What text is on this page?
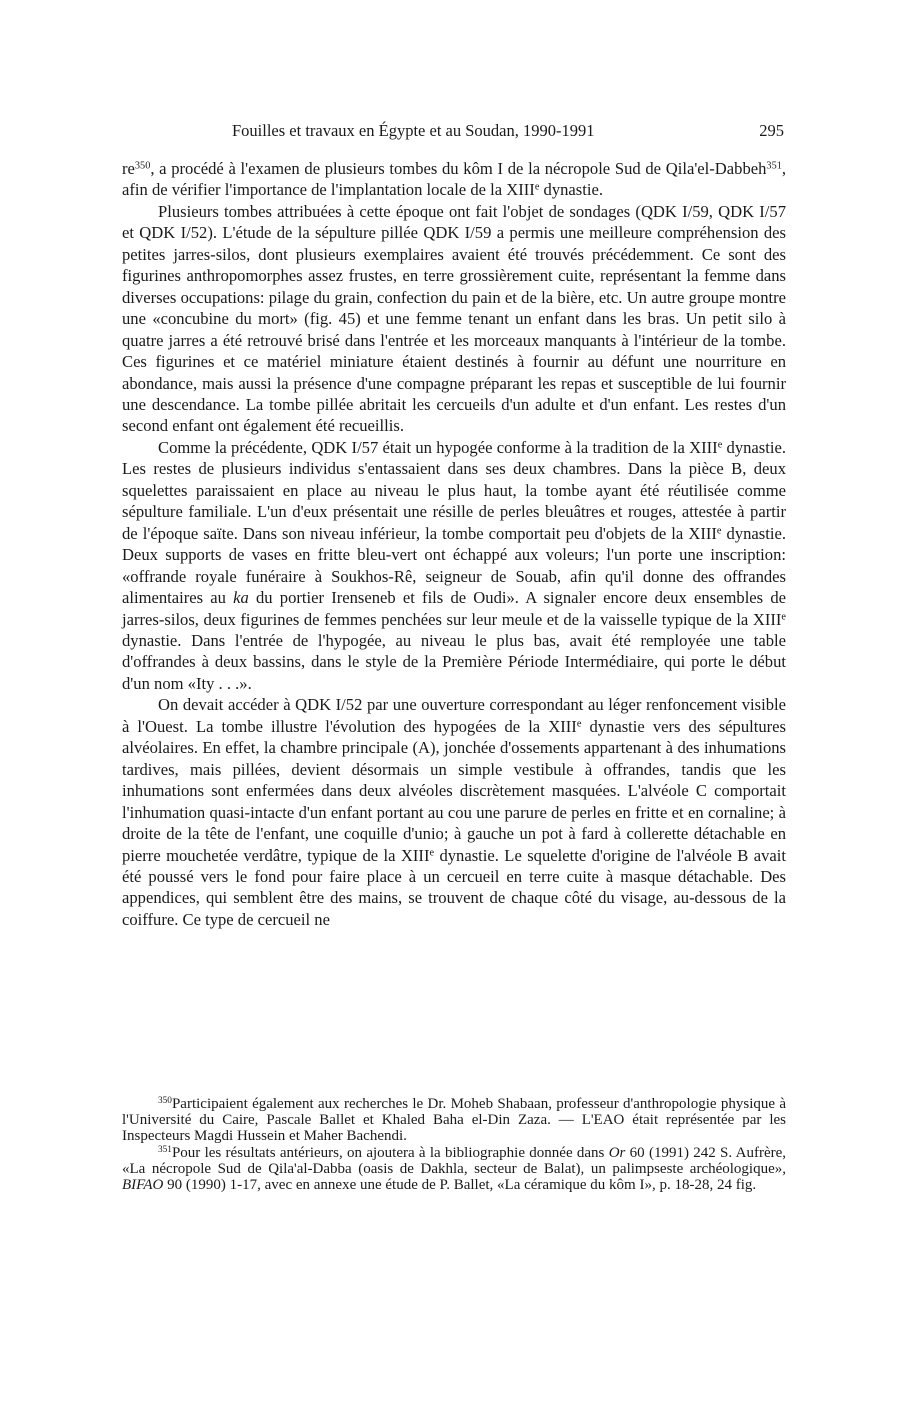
Fouilles et travaux en Égypte et au Soudan, 1990-1991	295

$re^{350}$, a procédé à l'examen de plusieurs tombes du kôm I de la nécropole Sud de Qila'el-Dabbeh$^{351}$, afin de vérifier l'importance de l'implantation locale de la XIIIe dynastie.

Plusieurs tombes attribuées à cette époque ont fait l'objet de sondages (QDK I/59, QDK I/57 et QDK I/52). L'étude de la sépulture pillée QDK I/59 a permis une meilleure compréhension des petites jarres-silos, dont plusieurs exemplaires avaient été trouvés précédemment. Ce sont des figurines anthropomorphes assez frustes, en terre grossièrement cuite, représentant la femme dans diverses occupations: pilage du grain, confection du pain et de la bière, etc. Un autre groupe montre une «concubine du mort» (fig. 45) et une femme tenant un enfant dans les bras. Un petit silo à quatre jarres a été retrouvé brisé dans l'entrée et les morceaux manquants à l'intérieur de la tombe. Ces figurines et ce matériel miniature étaient destinés à fournir au défunt une nourriture en abondance, mais aussi la présence d'une compagne préparant les repas et susceptible de lui fournir une descendance. La tombe pillée abritait les cercueils d'un adulte et d'un enfant. Les restes d'un second enfant ont également été recueillis.

Comme la précédente, QDK I/57 était un hypogée conforme à la tradition de la XIIIe dynastie. Les restes de plusieurs individus s'entassaient dans ses deux chambres. Dans la pièce B, deux squelettes paraissaient en place au niveau le plus haut, la tombe ayant été réutilisée comme sépulture familiale. L'un d'eux présentait une résille de perles bleuâtres et rouges, attestée à partir de l'époque saïte. Dans son niveau inférieur, la tombe comportait peu d'objets de la XIIIe dynastie. Deux supports de vases en fritte bleu-vert ont échappé aux voleurs; l'un porte une inscription: «offrande royale funéraire à Soukhos-Rê, seigneur de Souab, afin qu'il donne des offrandes alimentaires au ka du portier Irenseneb et fils de Oudi». A signaler encore deux ensembles de jarres-silos, deux figurines de femmes penchées sur leur meule et de la vaisselle typique de la XIIIe dynastie. Dans l'entrée de l'hypogée, au niveau le plus bas, avait été remployée une table d'offrandes à deux bassins, dans le style de la Première Période Intermédiaire, qui porte le début d'un nom «Ity . . .».

On devait accéder à QDK I/52 par une ouverture correspondant au léger renfoncement visible à l'Ouest. La tombe illustre l'évolution des hypogées de la XIIIe dynastie vers des sépultures alvéolaires. En effet, la chambre principale (A), jonchée d'ossements appartenant à des inhumations tardives, mais pillées, devient désormais un simple vestibule à offrandes, tandis que les inhumations sont enfermées dans deux alvéoles discrètement masquées. L'alvéole C comportait l'inhumation quasi-intacte d'un enfant portant au cou une parure de perles en fritte et en cornaline; à droite de la tête de l'enfant, une coquille d'unio; à gauche un pot à fard à collerette détachable en pierre mouchetée verdâtre, typique de la XIIIe dynastie. Le squelette d'origine de l'alvéole B avait été poussé vers le fond pour faire place à un cercueil en terre cuite à masque détachable. Des appendices, qui semblent être des mains, se trouvent de chaque côté du visage, au-dessous de la coiffure. Ce type de cercueil ne

$^{350}$Participaient également aux recherches le Dr. Moheb Shabaan, professeur d'anthropologie physique à l'Université du Caire, Pascale Ballet et Khaled Baha el-Din Zaza. — L'EAO était représentée par les Inspecteurs Magdi Hussein et Maher Bachendi.

$^{351}$Pour les résultats antérieurs, on ajoutera à la bibliographie donnée dans Or 60 (1991) 242 S. Aufrère, «La nécropole Sud de Qila'al-Dabba (oasis de Dakhla, secteur de Balat), un palimpseste archéologique», BIFAO 90 (1990) 1-17, avec en annexe une étude de P. Ballet, «La céramique du kôm I», p. 18-28, 24 fig.
